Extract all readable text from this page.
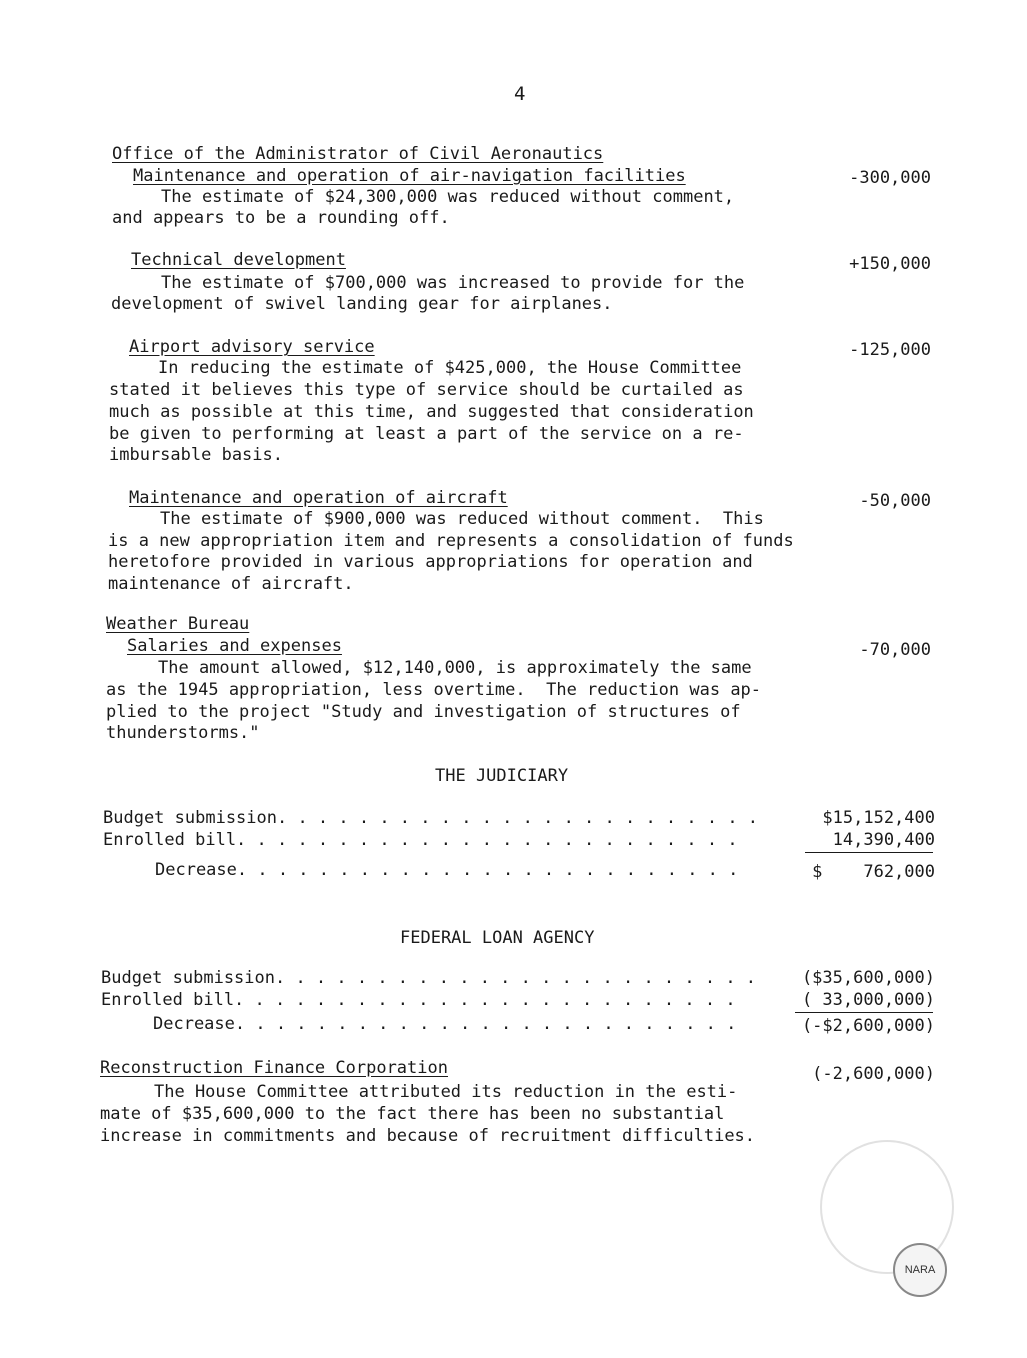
4
Office of the Administrator of Civil Aeronautics
Maintenance and operation of air-navigation facilities	-300,000
The estimate of $24,300,000 was reduced without comment,
and appears to be a rounding off.
Technical development	+150,000
The estimate of $700,000 was increased to provide for the
development of swivel landing gear for airplanes.
Airport advisory service	-125,000
In reducing the estimate of $425,000, the House Committee
stated it believes this type of service should be curtailed as
much as possible at this time, and suggested that consideration
be given to performing at least a part of the service on a re-
imbursable basis.
Maintenance and operation of aircraft	-50,000
The estimate of $900,000 was reduced without comment.  This
is a new appropriation item and represents a consolidation of funds
heretofore provided in various appropriations for operation and
maintenance of aircraft.
Weather Bureau
Salaries and expenses	-70,000
The amount allowed, $12,140,000, is approximately the same
as the 1945 appropriation, less overtime.  The reduction was ap-
plied to the project "Study and investigation of structures of
thunderstorms."
THE JUDICIARY
Budget submission. . . . . . . . . . . . . . . . . . . . . . . .	$15,152,400
Enrolled bill. . . . . . . . . . . . . . . . . . . . . . . . .	14,390,400
Decrease. . . . . . . . . . . . . . . . . . . . . . . . .	$    762,000
FEDERAL LOAN AGENCY
Budget submission. . . . . . . . . . . . . . . . . . . . . . . .	($35,600,000)
Enrolled bill. . . . . . . . . . . . . . . . . . . . . . . . .	( 33,000,000)
Decrease. . . . . . . . . . . . . . . . . . . . . . . . .	(-$2,600,000)
Reconstruction Finance Corporation	(-2,600,000)
The House Committee attributed its reduction in the esti-
mate of $35,600,000 to the fact there has been no substantial
increase in commitments and because of recruitment difficulties.
NARA
